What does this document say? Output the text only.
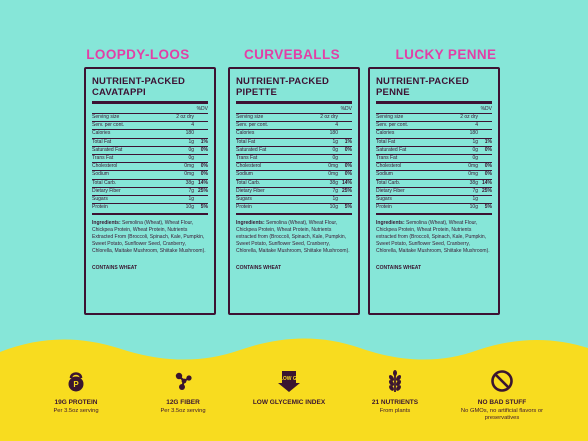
LOOPDY-LOOS	CURVEBALLS	LUCKY PENNE
NUTRIENT-PACKED CAVATAPPI
%DV
Serving size	2 oz dry
Serv. per cont.	4
Calories	180
Total Fat	1g	1%
Saturated Fat	0g	0%
Trans Fat	0g
Cholesterol	0mg	0%
Sodium	0mg	0%
Total Carb.	38g 14%
Dietary Fiber	7g 25%
Sugars	1g
Protein	10g	5%
Ingredients: Semolina (Wheat), Wheat Flour, Chickpea Protein, Wheat Protein, Nutrients Extracted From (Broccoli, Spinach, Kale, Pumpkin, Sweet Potato, Sunflower Seed, Cranberry, Chlorella, Maitake Mushroom, Shiitake Mushroom).
CONTAINS WHEAT
NUTRIENT-PACKED PIPETTE
%DV
Serving size	2 oz dry
Serv. per cont.	4
Calories	180
Total Fat	1g	1%
Saturated Fat	0g	0%
Trans Fat	0g
Cholesterol	0mg	0%
Sodium	0mg	0%
Total Carb.	38g 14%
Dietary Fiber	7g 25%
Sugars	1g
Protein	10g	5%
Ingredients: Semolina (Wheat), Wheat Flour, Chickpea Protein, Wheat Protein, Nutrients extracted from (Broccoli, Spinach, Kale, Pumpkin, Sweet Potato, Sunflower Seed, Cranberry, Chlorella, Maitake Mushroom, Shiitake Mushroom).
CONTAINS WHEAT
NUTRIENT-PACKED PENNE
%DV
Serving size	2 oz dry
Serv. per cont.	4
Calories	180
Total Fat	1g	1%
Saturated Fat	0g	0%
Trans Fat	0g
Cholesterol	0mg	0%
Sodium	0mg	0%
Total Carb.	38g 14%
Dietary Fiber	7g 25%
Sugars	1g
Protein	10g	5%
Ingredients: Semolina (Wheat), Wheat Flour, Chickpea Protein, Wheat Protein, Nutrients extracted from (Broccoli, Spinach, Kale, Pumpkin, Sweet Potato, Sunflower Seed, Cranberry, Chlorella, Maitake Mushroom, Shiitake Mushroom).
CONTAINS WHEAT
P
19G PROTEIN
Per 3.5oz serving
12G FIBER
Per 3.5oz serving
LOW GI
LOW GLYCEMIC INDEX	21 NUTRIENTS
From plants
NO BAD STUFF
No GMOs, no artificial flavors or preservatives
